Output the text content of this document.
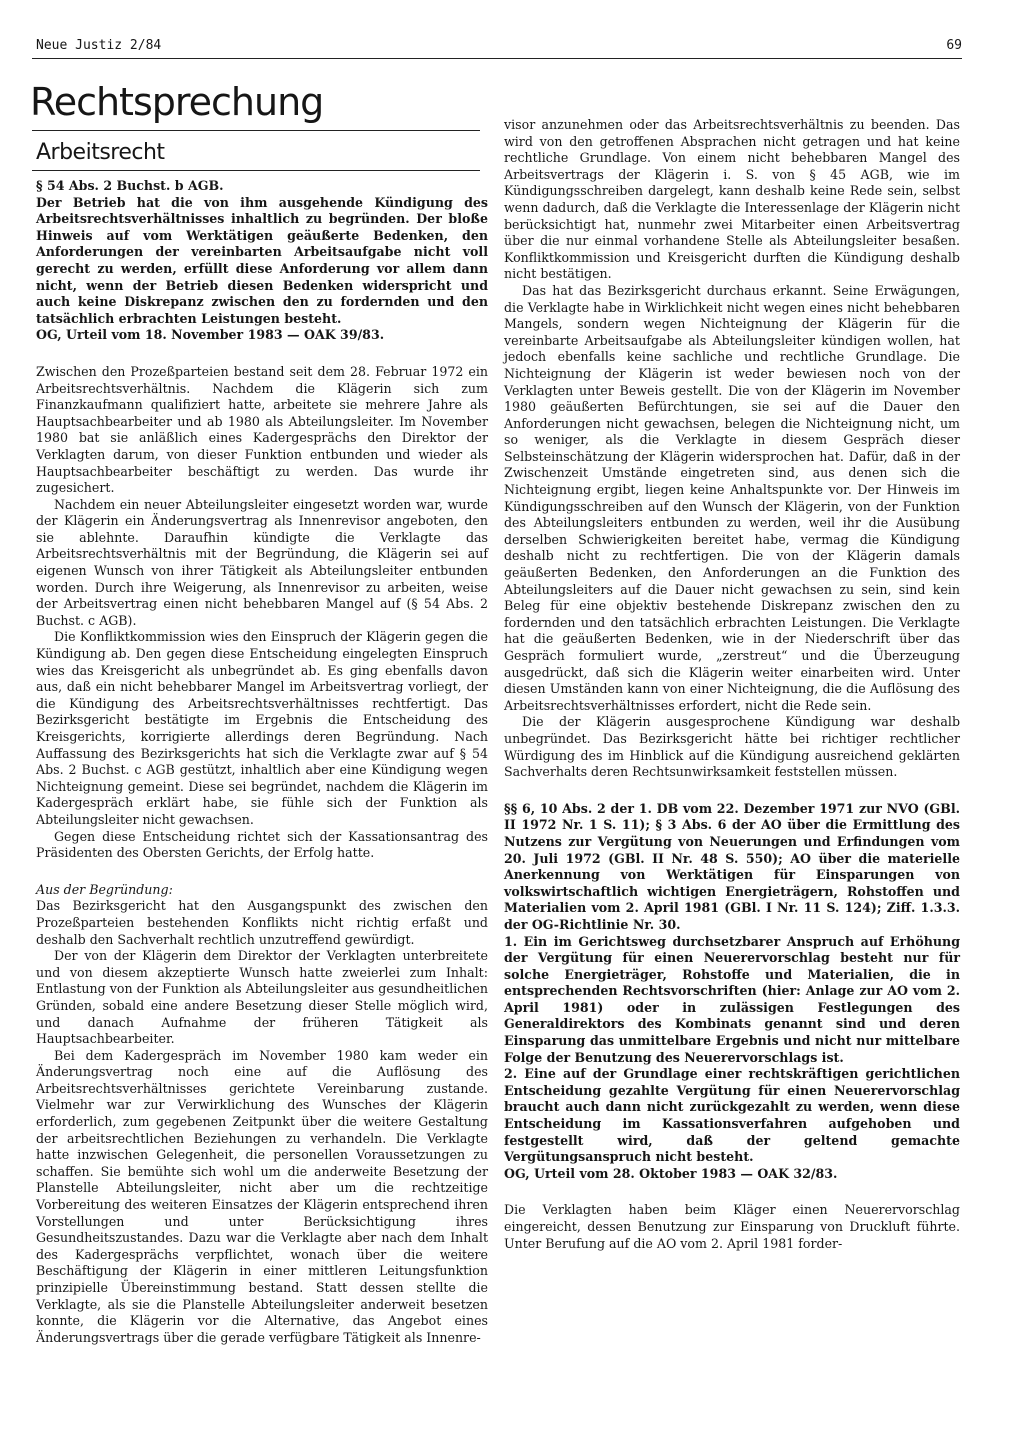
Neue Justiz 2/84	69
Rechtsprechung
Arbeitsrecht

§ 54 Abs. 2 Buchst. b AGB.

Der Betrieb hat die von ihm ausgehende Kündigung des Arbeitsrechtsverhältnisses inhaltlich zu begründen. Der bloße Hinweis auf vom Werktätigen geäußerte Bedenken, den Anforderungen der vereinbarten Arbeitsaufgabe nicht voll gerecht zu werden, erfüllt diese Anforderung vor allem dann nicht, wenn der Betrieb diesen Bedenken widerspricht und auch keine Diskrepanz zwischen den zu fordernden und den tatsächlich erbrachten Leistungen besteht.

OG, Urteil vom 18. November 1983 — OAK 39/83.

Zwischen den Prozeßparteien bestand seit dem 28. Februar 1972 ein Arbeitsrechtsverhältnis. Nachdem die Klägerin sich zum Finanzkaufmann qualifiziert hatte, arbeitete sie mehrere Jahre als Hauptsachbearbeiter und ab 1980 als Abteilungsleiter. Im November 1980 bat sie anläßlich eines Kadergesprächs den Direktor der Verklagten darum, von dieser Funktion entbunden und wieder als Hauptsachbearbeiter beschäftigt zu werden. Das wurde ihr zugesichert.

Nachdem ein neuer Abteilungsleiter eingesetzt worden war, wurde der Klägerin ein Änderungsvertrag als Innenrevisor angeboten, den sie ablehnte. Daraufhin kündigte die Verklagte das Arbeitsrechtsverhältnis mit der Begründung, die Klägerin sei auf eigenen Wunsch von ihrer Tätigkeit als Abteilungsleiter entbunden worden. Durch ihre Weigerung, als Innenrevisor zu arbeiten, weise der Arbeitsvertrag einen nicht behebbaren Mangel auf (§ 54 Abs. 2 Buchst. c AGB).

Die Konfliktkommission wies den Einspruch der Klägerin gegen die Kündigung ab. Den gegen diese Entscheidung eingelegten Einspruch wies das Kreisgericht als unbegründet ab. Es ging ebenfalls davon aus, daß ein nicht behebbarer Mangel im Arbeitsvertrag vorliegt, der die Kündigung des Arbeitsrechtsverhältnisses rechtfertigt. Das Bezirksgericht bestätigte im Ergebnis die Entscheidung des Kreisgerichts, korrigierte allerdings deren Begründung. Nach Auffassung des Bezirksgerichts hat sich die Verklagte zwar auf § 54 Abs. 2 Buchst. c AGB gestützt, inhaltlich aber eine Kündigung wegen Nichteignung gemeint. Diese sei begründet, nachdem die Klägerin im Kadergespräch erklärt habe, sie fühle sich der Funktion als Abteilungsleiter nicht gewachsen.

Gegen diese Entscheidung richtet sich der Kassationsantrag des Präsidenten des Obersten Gerichts, der Erfolg hatte.

Aus der Begründung:

Das Bezirksgericht hat den Ausgangspunkt des zwischen den Prozeßparteien bestehenden Konflikts nicht richtig erfaßt und deshalb den Sachverhalt rechtlich unzutreffend gewürdigt.

Der von der Klägerin dem Direktor der Verklagten unterbreitete und von diesem akzeptierte Wunsch hatte zweierlei zum Inhalt: Entlastung von der Funktion als Abteilungsleiter aus gesundheitlichen Gründen, sobald eine andere Besetzung dieser Stelle möglich wird, und danach Aufnahme der früheren Tätigkeit als Hauptsachbearbeiter.

Bei dem Kadergespräch im November 1980 kam weder ein Änderungsvertrag noch eine auf die Auflösung des Arbeitsrechtsverhältnisses gerichtete Vereinbarung zustande. Vielmehr war zur Verwirklichung des Wunsches der Klägerin erforderlich, zum gegebenen Zeitpunkt über die weitere Gestaltung der arbeitsrechtlichen Beziehungen zu verhandeln. Die Verklagte hatte inzwischen Gelegenheit, die personellen Voraussetzungen zu schaffen. Sie bemühte sich wohl um die anderweite Besetzung der Planstelle Abteilungsleiter, nicht aber um die rechtzeitige Vorbereitung des weiteren Einsatzes der Klägerin entsprechend ihren Vorstellungen und unter Berücksichtigung ihres Gesundheitszustandes. Dazu war die Verklagte aber nach dem Inhalt des Kadergesprächs verpflichtet, wonach über die weitere Beschäftigung der Klägerin in einer mittleren Leitungsfunktion prinzipielle Übereinstimmung bestand. Statt dessen stellte die Verklagte, als sie die Planstelle Abteilungsleiter anderweit besetzen konnte, die Klägerin vor die Alternative, das Angebot eines Änderungsvertrags über die gerade verfügbare Tätigkeit als Innenre-

visor anzunehmen oder das Arbeitsrechtsverhältnis zu beenden. Das wird von den getroffenen Absprachen nicht getragen und hat keine rechtliche Grundlage. Von einem nicht behebbaren Mangel des Arbeitsvertrags der Klägerin i. S. von § 45 AGB, wie im Kündigungsschreiben dargelegt, kann deshalb keine Rede sein, selbst wenn dadurch, daß die Verklagte die Interessenlage der Klägerin nicht berücksichtigt hat, nunmehr zwei Mitarbeiter einen Arbeitsvertrag über die nur einmal vorhandene Stelle als Abteilungsleiter besaßen. Konfliktkommission und Kreisgericht durften die Kündigung deshalb nicht bestätigen.

Das hat das Bezirksgericht durchaus erkannt. Seine Erwägungen, die Verklagte habe in Wirklichkeit nicht wegen eines nicht behebbaren Mangels, sondern wegen Nichteignung der Klägerin für die vereinbarte Arbeitsaufgabe als Abteilungsleiter kündigen wollen, hat jedoch ebenfalls keine sachliche und rechtliche Grundlage. Die Nichteignung der Klägerin ist weder bewiesen noch von der Verklagten unter Beweis gestellt. Die von der Klägerin im November 1980 geäußerten Befürchtungen, sie sei auf die Dauer den Anforderungen nicht gewachsen, belegen die Nichteignung nicht, um so weniger, als die Verklagte in diesem Gespräch dieser Selbsteinschätzung der Klägerin widersprochen hat. Dafür, daß in der Zwischenzeit Umstände eingetreten sind, aus denen sich die Nichteignung ergibt, liegen keine Anhaltspunkte vor. Der Hinweis im Kündigungsschreiben auf den Wunsch der Klägerin, von der Funktion des Abteilungsleiters entbunden zu werden, weil ihr die Ausübung derselben Schwierigkeiten bereitet habe, vermag die Kündigung deshalb nicht zu rechtfertigen. Die von der Klägerin damals geäußerten Bedenken, den Anforderungen an die Funktion des Abteilungsleiters auf die Dauer nicht gewachsen zu sein, sind kein Beleg für eine objektiv bestehende Diskrepanz zwischen den zu fordernden und den tatsächlich erbrachten Leistungen. Die Verklagte hat die geäußerten Bedenken, wie in der Niederschrift über das Gespräch formuliert wurde, „zerstreut“ und die Überzeugung ausgedrückt, daß sich die Klägerin weiter einarbeiten wird. Unter diesen Umständen kann von einer Nichteignung, die die Auflösung des Arbeitsrechtsverhältnisses erfordert, nicht die Rede sein.

Die der Klägerin ausgesprochene Kündigung war deshalb unbegründet. Das Bezirksgericht hätte bei richtiger rechtlicher Würdigung des im Hinblick auf die Kündigung ausreichend geklärten Sachverhalts deren Rechtsunwirksamkeit feststellen müssen.

§§ 6, 10 Abs. 2 der 1. DB vom 22. Dezember 1971 zur NVO (GBl. II 1972 Nr. 1 S. 11); § 3 Abs. 6 der AO über die Ermittlung des Nutzens zur Vergütung von Neuerungen und Erfindungen vom 20. Juli 1972 (GBl. II Nr. 48 S. 550); AO über die materielle Anerkennung von Werktätigen für Einsparungen von volkswirtschaftlich wichtigen Energieträgern, Rohstoffen und Materialien vom 2. April 1981 (GBl. I Nr. 11 S. 124); Ziff. 1.3.3. der OG-Richtlinie Nr. 30.

1. Ein im Gerichtsweg durchsetzbarer Anspruch auf Erhöhung der Vergütung für einen Neuerervorschlag besteht nur für solche Energieträger, Rohstoffe und Materialien, die in entsprechenden Rechtsvorschriften (hier: Anlage zur AO vom 2. April 1981) oder in zulässigen Festlegungen des Generaldirektors des Kombinats genannt sind und deren Einsparung das unmittelbare Ergebnis und nicht nur mittelbare Folge der Benutzung des Neuerervorschlags ist.

2. Eine auf der Grundlage einer rechtskräftigen gerichtlichen Entscheidung gezahlte Vergütung für einen Neuerervorschlag braucht auch dann nicht zurückgezahlt zu werden, wenn diese Entscheidung im Kassationsverfahren aufgehoben und festgestellt wird, daß der geltend gemachte Vergütungsanspruch nicht besteht.

OG, Urteil vom 28. Oktober 1983 — OAK 32/83.

Die Verklagten haben beim Kläger einen Neuerervorschlag eingereicht, dessen Benutzung zur Einsparung von Druckluft führte. Unter Berufung auf die AO vom 2. April 1981 forder-
